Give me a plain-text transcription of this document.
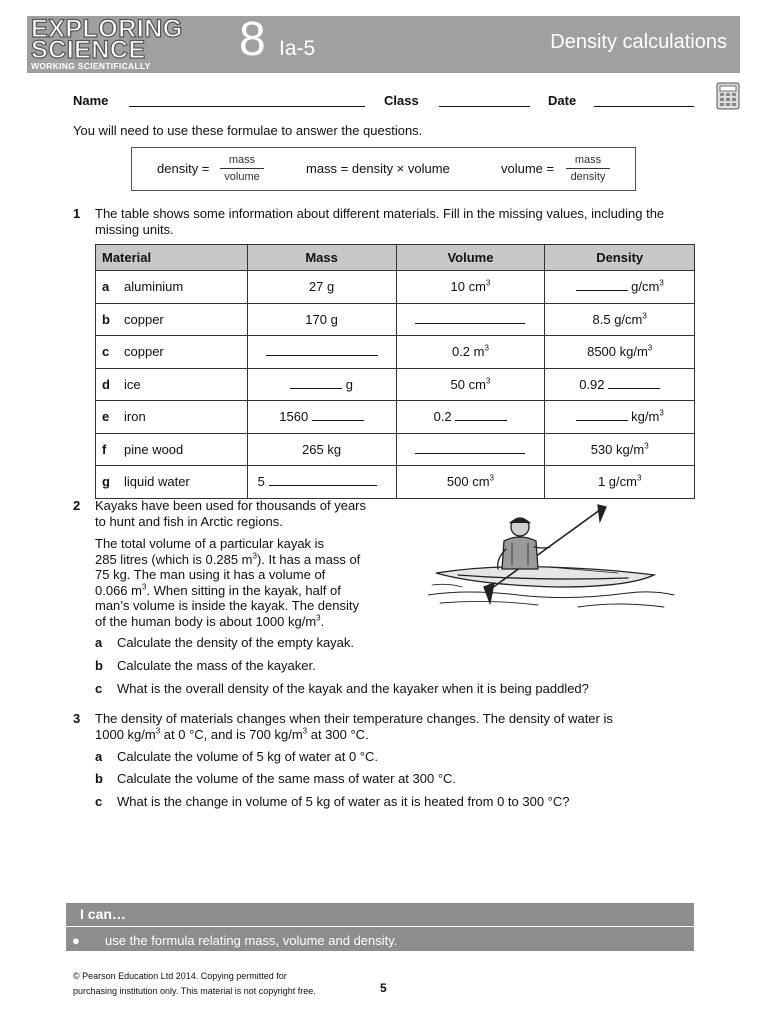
EXPLORING
SCIENCE
WORKING SCIENTIFICALLY 8 Ia-5	Density calculations
Name	Class	Date
You will need to use these formulae to answer the questions.
density =
mass
volume
mass = density × volume	volume =
mass
density
1 The table shows some information about different materials. Fill in the missing values, including the missing units.
Material	Mass	Volume	Density
a aluminium	27 g	10 $cm^3$	$g/cm^3$
b copper	170 g		8.5 $g/cm^3$
c copper		0.2 $m^3$	8500 $kg/m^3$
d ice	g	50 $cm^3$	0.92
e iron	1560	0.2	$kg/m^3$
f pine wood	265 kg		530 $kg/m^3$
g liquid water	5	500 $cm^3$	1 $g/cm^3$
2 Kayaks have been used for thousands of years
to hunt and fish in Arctic regions.
The total volume of a particular kayak is
285 litres (which is 0.285 $m^3$). It has a mass of
75 kg. The man using it has a volume of
0.066 $m^3$. When sitting in the kayak, half of
man’s volume is inside the kayak. The density
of the human body is about 1000 $kg/m^3$.
a Calculate the density of the empty kayak.
b Calculate the mass of the kayaker.
c What is the overall density of the kayak and the kayaker when it is being paddled?
3 The density of materials changes when their temperature changes. The density of water is
1000 $kg/m^3$ at 0 °C, and is 700 $kg/m^3$ at 300 °C.
a Calculate the volume of 5 kg of water at 0 °C.
b Calculate the volume of the same mass of water at 300 °C.
c What is the change in volume of 5 kg of water as it is heated from 0 to 300 °C?
I can…
● use the formula relating mass, volume and density.
© Pearson Education Ltd 2014. Copying permitted for
purchasing institution only. This material is not copyright free.	5
